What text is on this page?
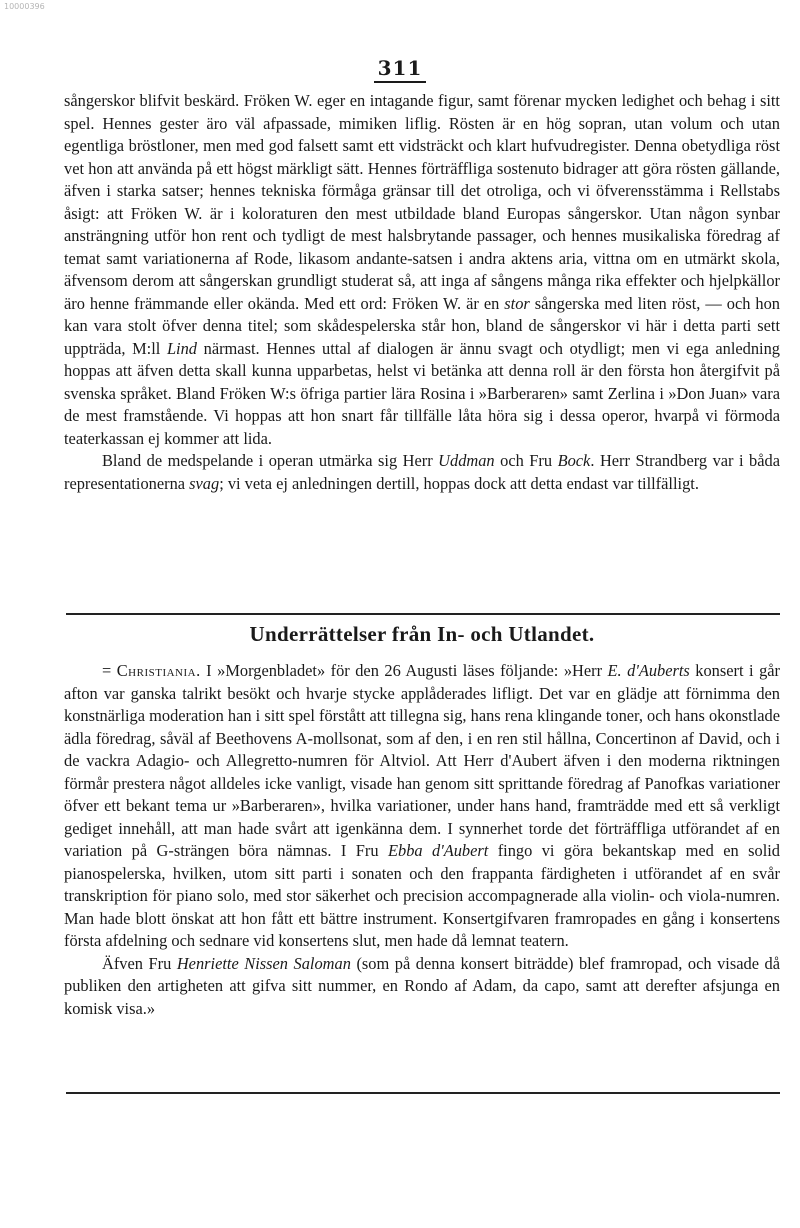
10000396
311

sångerskor blifvit beskärd. Fröken W. eger en intagande figur, samt förenar mycken ledighet och behag i sitt spel. Hennes gester äro väl afpassade, mimiken liflig. Rösten är en hög sopran, utan volum och utan egentliga bröstloner, men med god falsett samt ett vidsträckt och klart hufvudregister. Denna obetydliga röst vet hon att använda på ett högst märkligt sätt. Hennes förträffliga sostenuto bidrager att göra rösten gällande, äfven i starka satser; hennes tekniska förmåga gränsar till det otroliga, och vi öfverensstämma i Rellstabs åsigt: att Fröken W. är i koloraturen den mest utbildade bland Europas sångerskor. Utan någon synbar ansträngning utför hon rent och tydligt de mest halsbrytande passager, och hennes musikaliska föredrag af temat samt variationerna af Rode, likasom andante-satsen i andra aktens aria, vittna om en utmärkt skola, äfvensom derom att sångerskan grundligt studerat så, att inga af sångens många rika effekter och hjelpkällor äro henne främmande eller okända. Med ett ord: Fröken W. är en stor sångerska med liten röst, — och hon kan vara stolt öfver denna titel; som skådespelerska står hon, bland de sångerskor vi här i detta parti sett uppträda, M:ll Lind närmast. Hennes uttal af dialogen är ännu svagt och otydligt; men vi ega anledning hoppas att äfven detta skall kunna upparbetas, helst vi betänka att denna roll är den första hon återgifvit på svenska språket. Bland Fröken W:s öfriga partier lära Rosina i »Barberaren» samt Zerlina i »Don Juan» vara de mest framstående. Vi hoppas att hon snart får tillfälle låta höra sig i dessa operor, hvarpå vi förmoda teaterkassan ej kommer att lida.

Bland de medspelande i operan utmärka sig Herr Uddman och Fru Bock. Herr Strandberg var i båda representationerna svag; vi veta ej anledningen dertill, hoppas dock att detta endast var tillfälligt.

Underrättelser från In- och Utlandet.

= Christiania. I »Morgenbladet» för den 26 Augusti läses följande: »Herr E. d'Auberts konsert i går afton var ganska talrikt besökt och hvarje stycke applåderades lifligt. Det var en glädje att förnimma den konstnärliga moderation han i sitt spel förstått att tillegna sig, hans rena klingande toner, och hans okonstlade ädla föredrag, såväl af Beethovens A-mollsonat, som af den, i en ren stil hållna, Concertinon af David, och i de vackra Adagio- och Allegretto-numren för Altviol. Att Herr d'Aubert äfven i den moderna riktningen förmår prestera något alldeles icke vanligt, visade han genom sitt sprittande föredrag af Panofkas variationer öfver ett bekant tema ur »Barberaren», hvilka variationer, under hans hand, framträdde med ett så verkligt gediget innehåll, att man hade svårt att igenkänna dem. I synnerhet torde det förträffliga utförandet af en variation på G-strängen böra nämnas. I Fru Ebba d'Aubert fingo vi göra bekantskap med en solid pianospelerska, hvilken, utom sitt parti i sonaten och den frappanta färdigheten i utförandet af en svår transkription för piano solo, med stor säkerhet och precision accompagnerade alla violin- och viola-numren. Man hade blott önskat att hon fått ett bättre instrument. Konsertgifvaren framropades en gång i konsertens första afdelning och sednare vid konsertens slut, men hade då lemnat teatern.

Äfven Fru Henriette Nissen Saloman (som på denna konsert biträdde) blef framropad, och visade då publiken den artigheten att gifva sitt nummer, en Rondo af Adam, da capo, samt att derefter afsjunga en komisk visa.»
